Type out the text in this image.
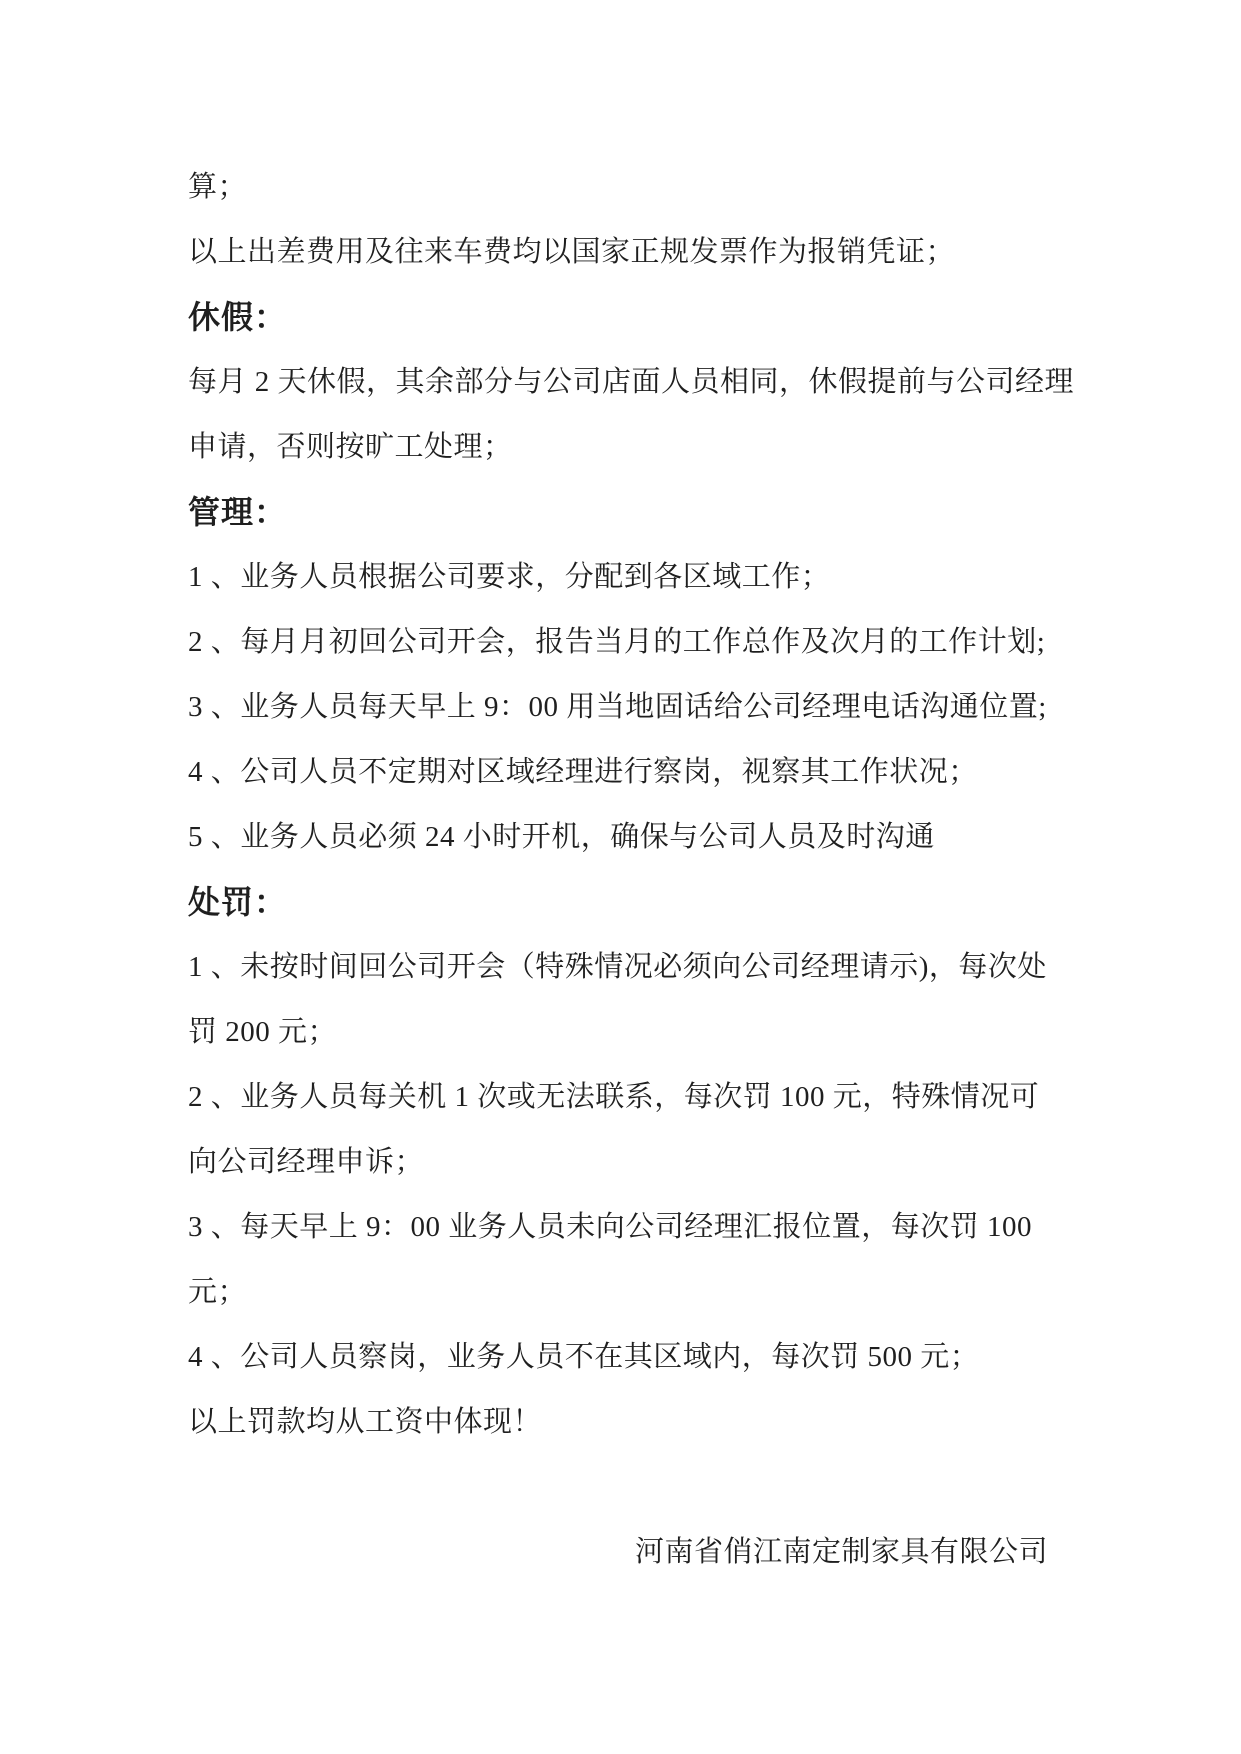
算；
以上出差费用及往来车费均以国家正规发票作为报销凭证；
休假：
每月 2 天休假，其余部分与公司店面人员相同，休假提前与公司经理
申请，否则按旷工处理；
管理：
1 、业务人员根据公司要求，分配到各区域工作；
2 、每月月初回公司开会，报告当月的工作总作及次月的工作计划;
3 、业务人员每天早上 9：00 用当地固话给公司经理电话沟通位置;
4 、公司人员不定期对区域经理进行察岗，视察其工作状况；
5 、业务人员必须 24 小时开机，确保与公司人员及时沟通
处罚：
1 、未按时间回公司开会（特殊情况必须向公司经理请示)，每次处
罚 200 元；
2 、业务人员每关机 1 次或无法联系，每次罚 100 元，特殊情况可
向公司经理申诉；
3 、每天早上 9：00 业务人员未向公司经理汇报位置，每次罚 100
元；
4 、公司人员察岗，业务人员不在其区域内，每次罚 500 元；
以上罚款均从工资中体现！
河南省俏江南定制家具有限公司
